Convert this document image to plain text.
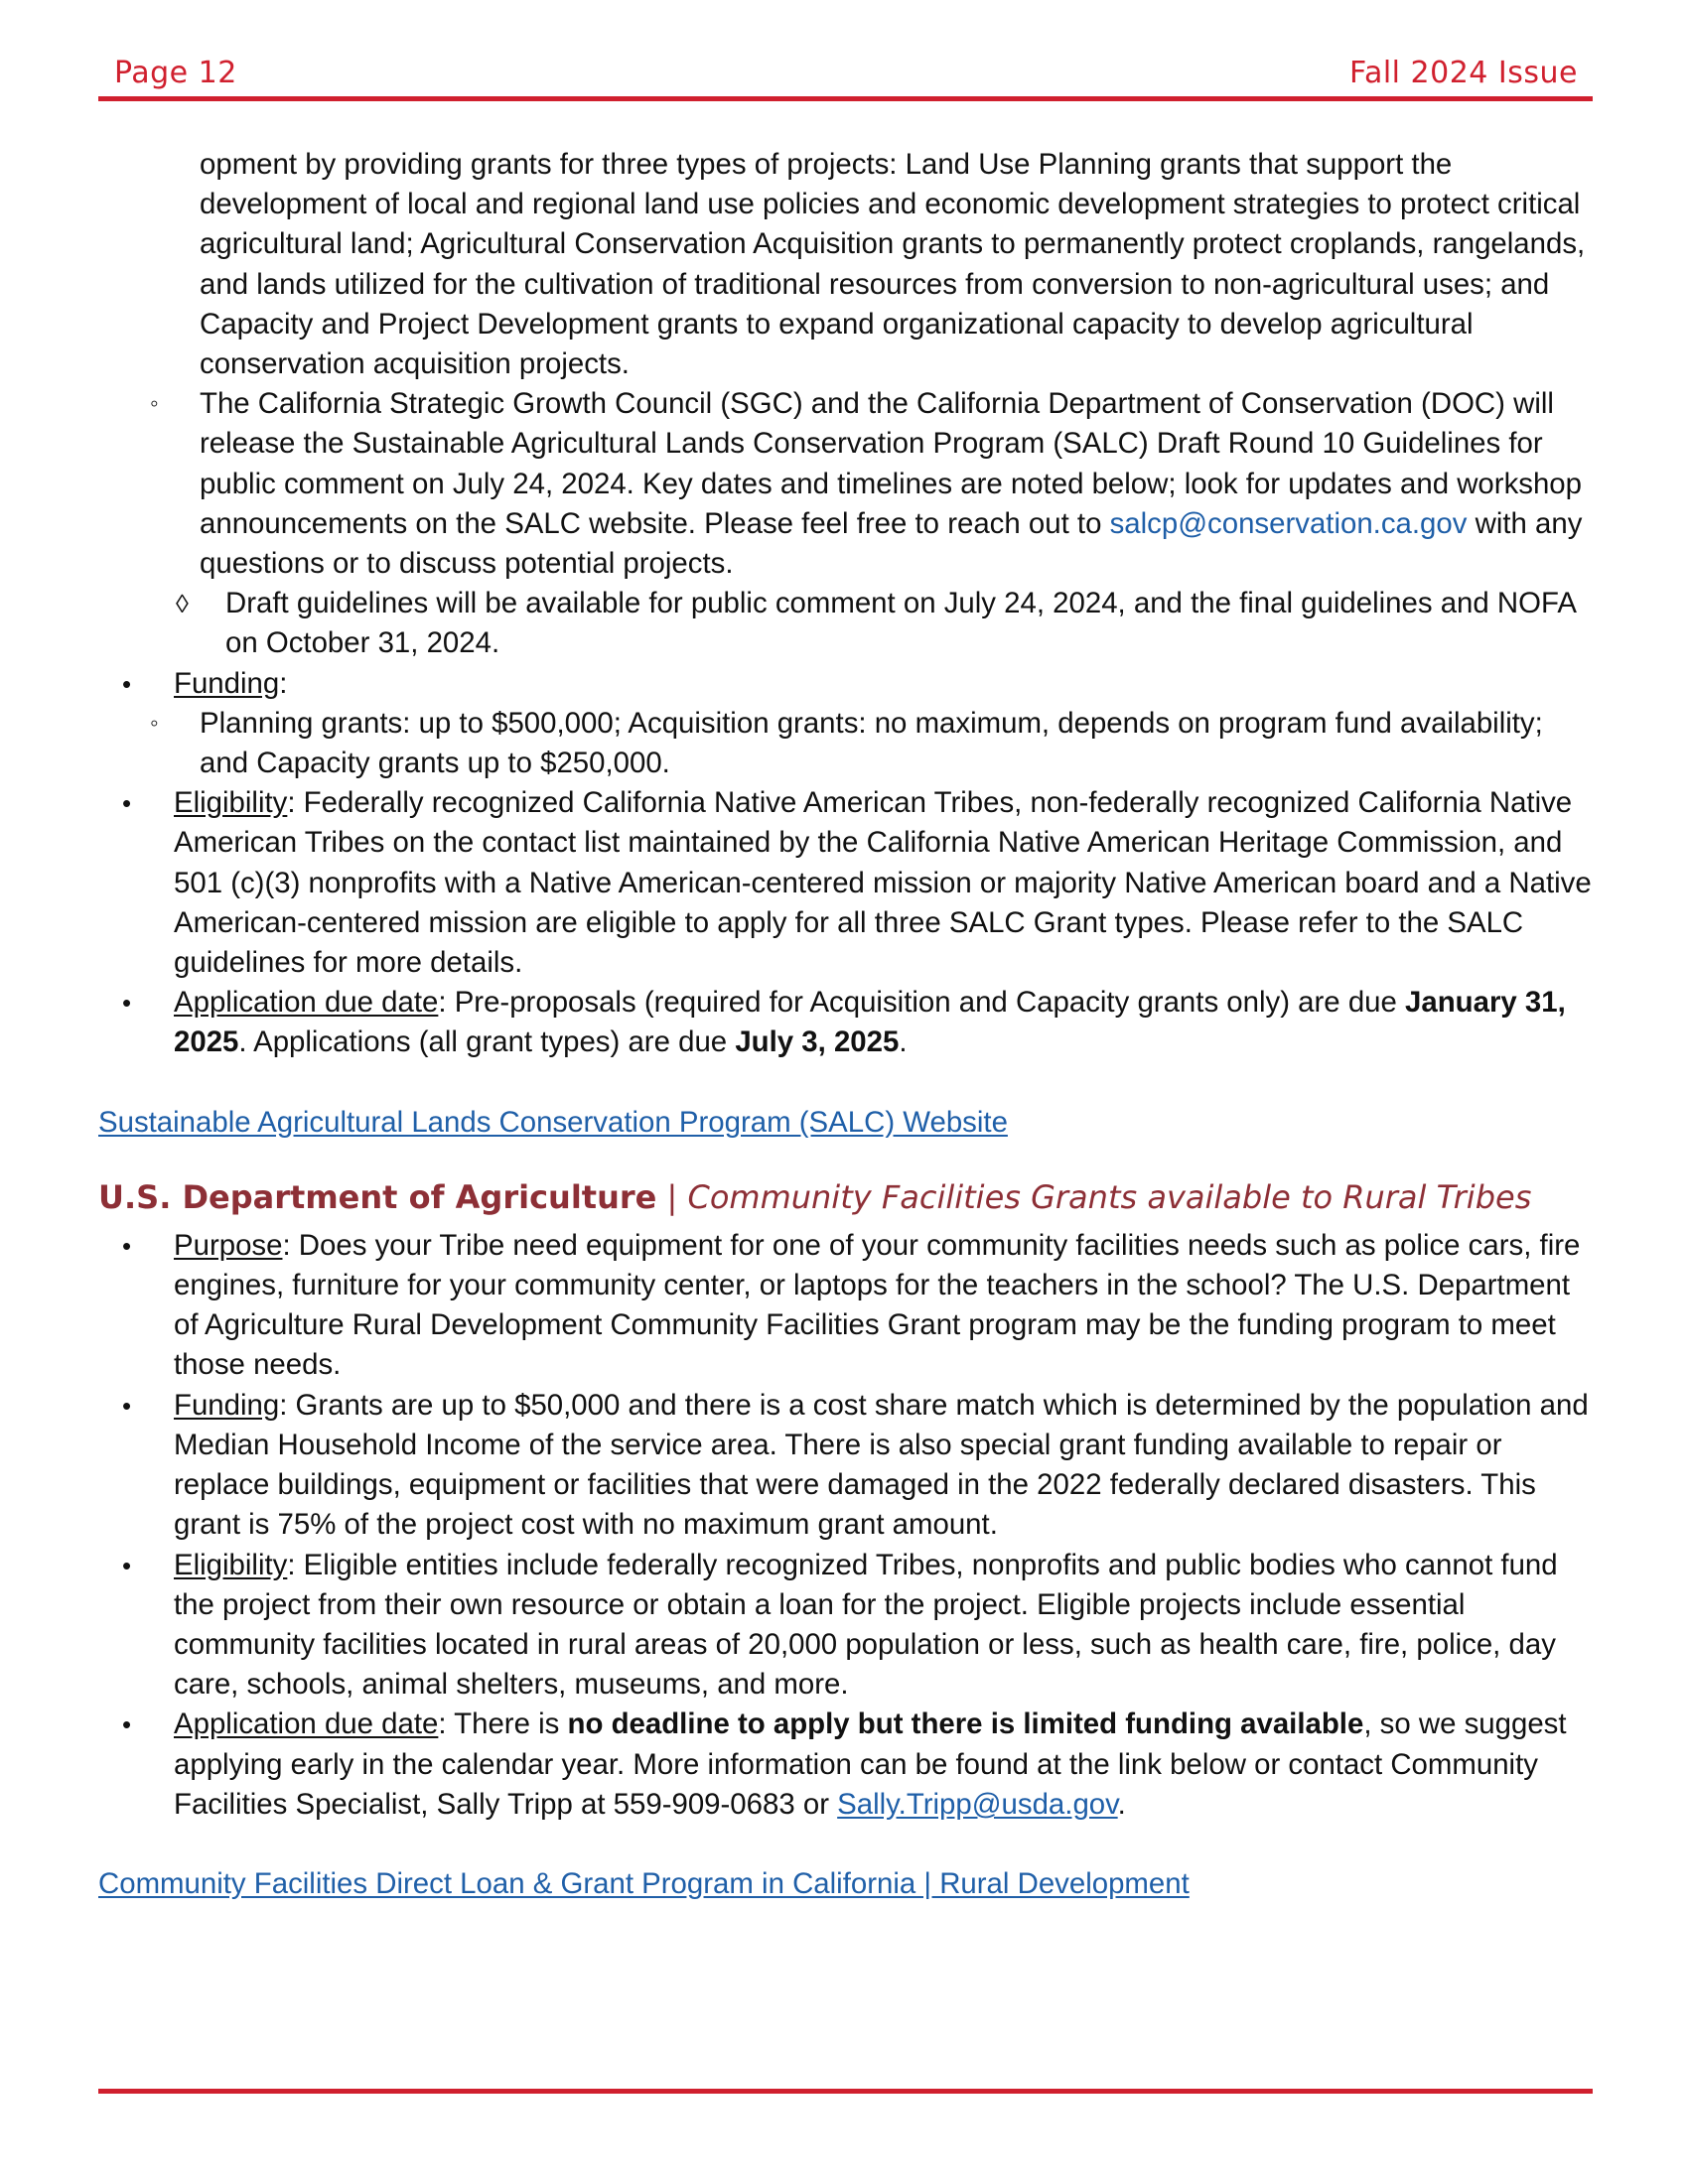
Page 12	Fall 2024 Issue
opment by providing grants for three types of projects: Land Use Planning grants that support the development of local and regional land use policies and economic development strategies to protect critical agricultural land; Agricultural Conservation Acquisition grants to permanently protect croplands, rangelands, and lands utilized for the cultivation of traditional resources from conversion to non-agricultural uses; and Capacity and Project Development grants to expand organizational capacity to develop agricultural conservation acquisition projects.
◦ The California Strategic Growth Council (SGC) and the California Department of Conservation (DOC) will release the Sustainable Agricultural Lands Conservation Program (SALC) Draft Round 10 Guidelines for public comment on July 24, 2024. Key dates and timelines are noted below; look for updates and workshop announcements on the SALC website. Please feel free to reach out to salcp@conservation.ca.gov with any questions or to discuss potential projects.
◊ Draft guidelines will be available for public comment on July 24, 2024, and the final guidelines and NOFA on October 31, 2024.
• Funding:
◦ Planning grants: up to $500,000; Acquisition grants: no maximum, depends on program fund availability; and Capacity grants up to $250,000.
• Eligibility: Federally recognized California Native American Tribes, non-federally recognized California Native American Tribes on the contact list maintained by the California Native American Heritage Commission, and 501 (c)(3) nonprofits with a Native American-centered mission or majority Native American board and a Native American-centered mission are eligible to apply for all three SALC Grant types. Please refer to the SALC guidelines for more details.
• Application due date: Pre-proposals (required for Acquisition and Capacity grants only) are due January 31, 2025. Applications (all grant types) are due July 3, 2025.
Sustainable Agricultural Lands Conservation Program (SALC) Website
U.S. Department of Agriculture | Community Facilities Grants available to Rural Tribes
• Purpose: Does your Tribe need equipment for one of your community facilities needs such as police cars, fire engines, furniture for your community center, or laptops for the teachers in the school? The U.S. Department of Agriculture Rural Development Community Facilities Grant program may be the funding program to meet those needs.
• Funding: Grants are up to $50,000 and there is a cost share match which is determined by the population and Median Household Income of the service area. There is also special grant funding available to repair or replace buildings, equipment or facilities that were damaged in the 2022 federally declared disasters. This grant is 75% of the project cost with no maximum grant amount.
• Eligibility: Eligible entities include federally recognized Tribes, nonprofits and public bodies who cannot fund the project from their own resource or obtain a loan for the project. Eligible projects include essential community facilities located in rural areas of 20,000 population or less, such as health care, fire, police, day care, schools, animal shelters, museums, and more.
• Application due date: There is no deadline to apply but there is limited funding available, so we suggest applying early in the calendar year. More information can be found at the link below or contact Community Facilities Specialist, Sally Tripp at 559-909-0683 or Sally.Tripp@usda.gov.
Community Facilities Direct Loan & Grant Program in California | Rural Development
